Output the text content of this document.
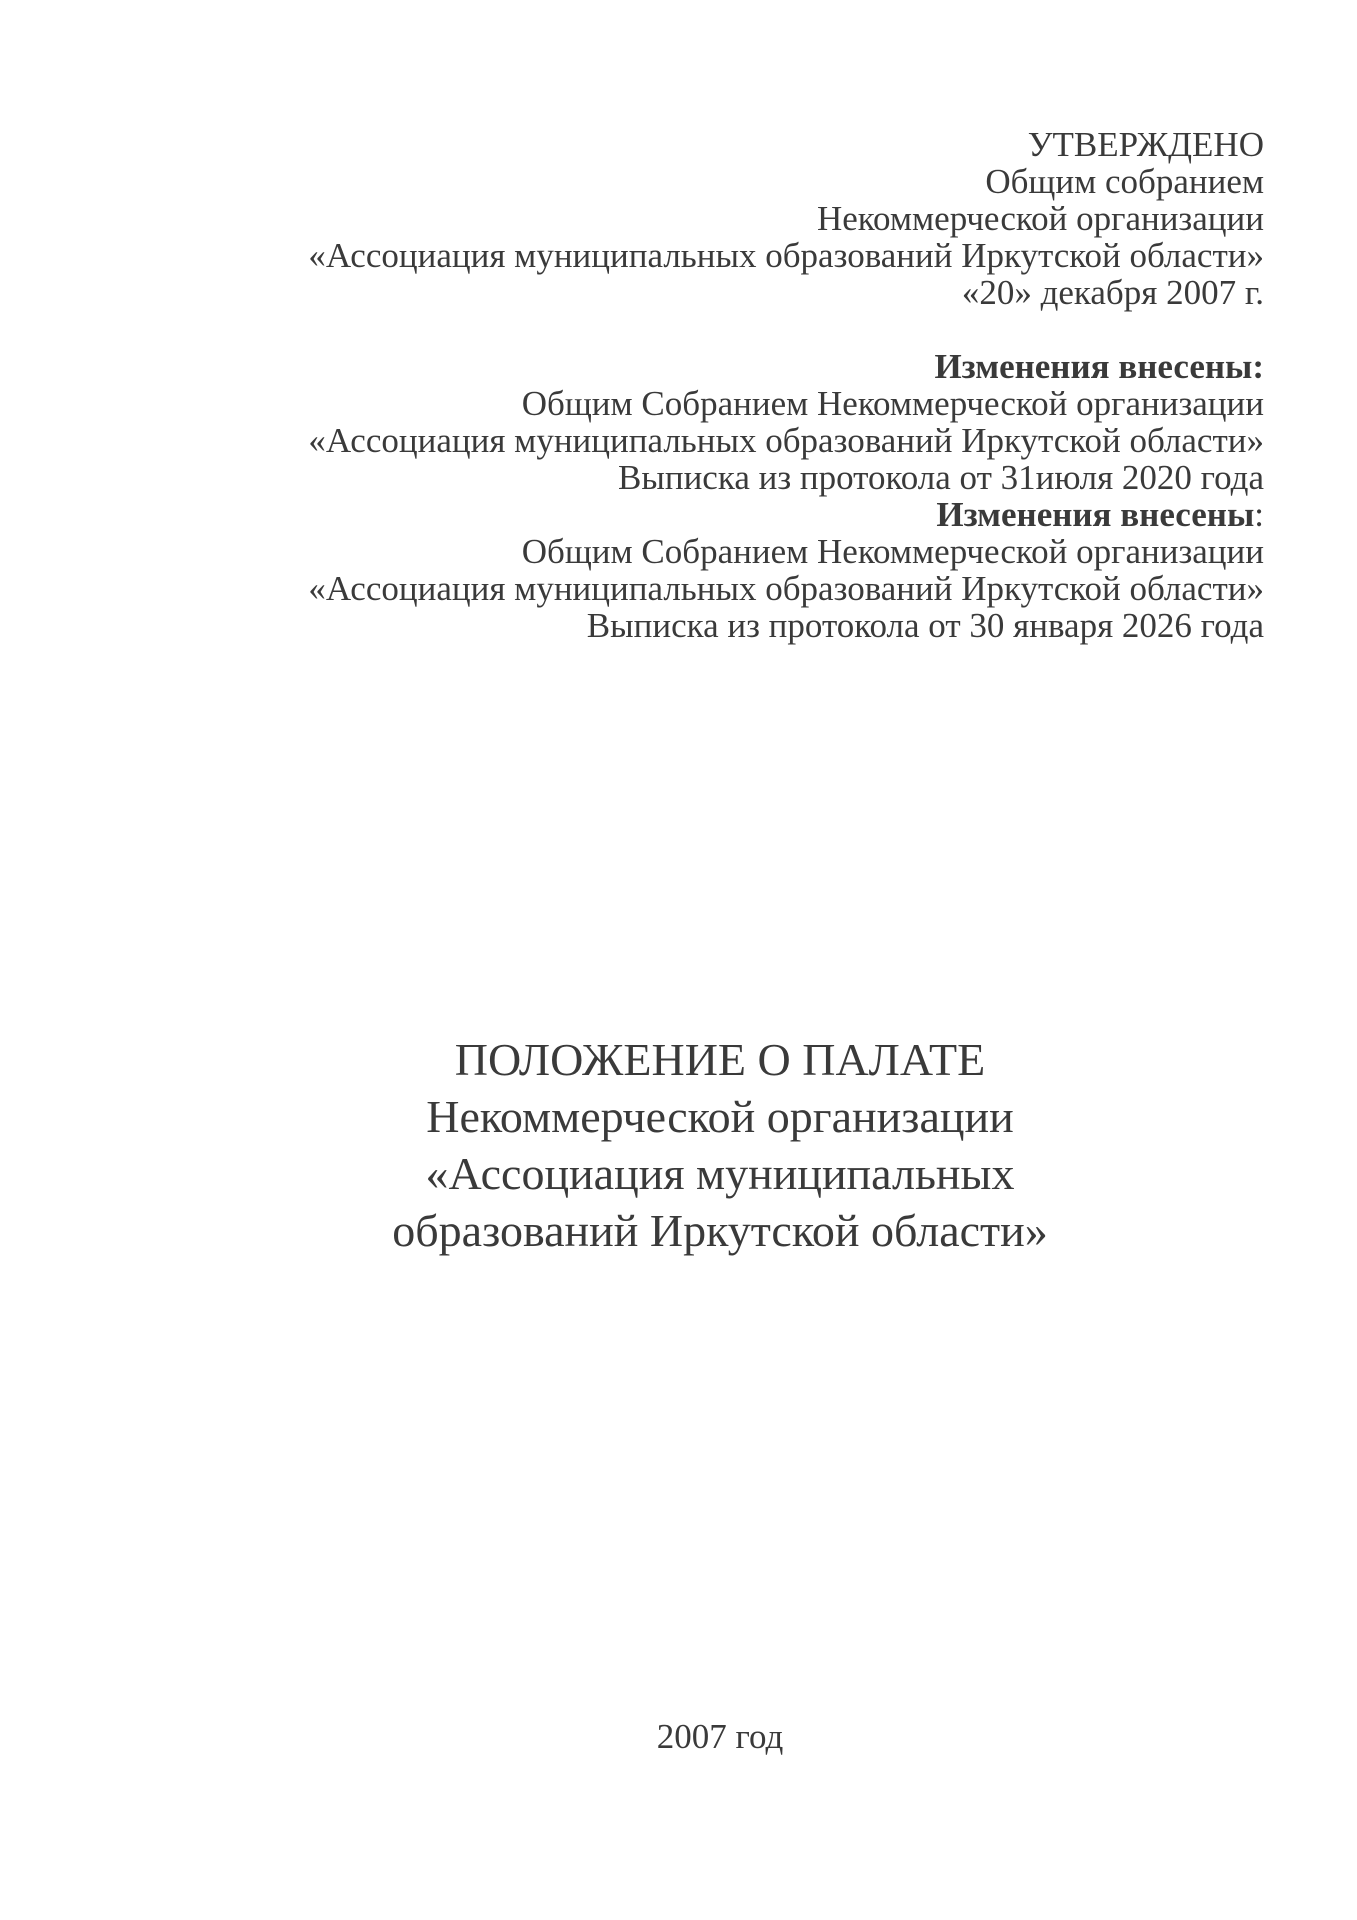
УТВЕРЖДЕНО
Общим собранием
Некоммерческой организации
«Ассоциация муниципальных образований Иркутской области»
«20» декабря 2007 г.
Изменения внесены:
Общим Собранием Некоммерческой организации
«Ассоциация муниципальных образований Иркутской области»
Выписка из протокола от 31июля 2020 года
Изменения внесены:
Общим Собранием Некоммерческой организации
«Ассоциация муниципальных образований Иркутской области»
Выписка из протокола от 30 января 2026 года
ПОЛОЖЕНИЕ О ПАЛАТЕ
Некоммерческой организации
«Ассоциация муниципальных
образований Иркутской области»
2007 год
